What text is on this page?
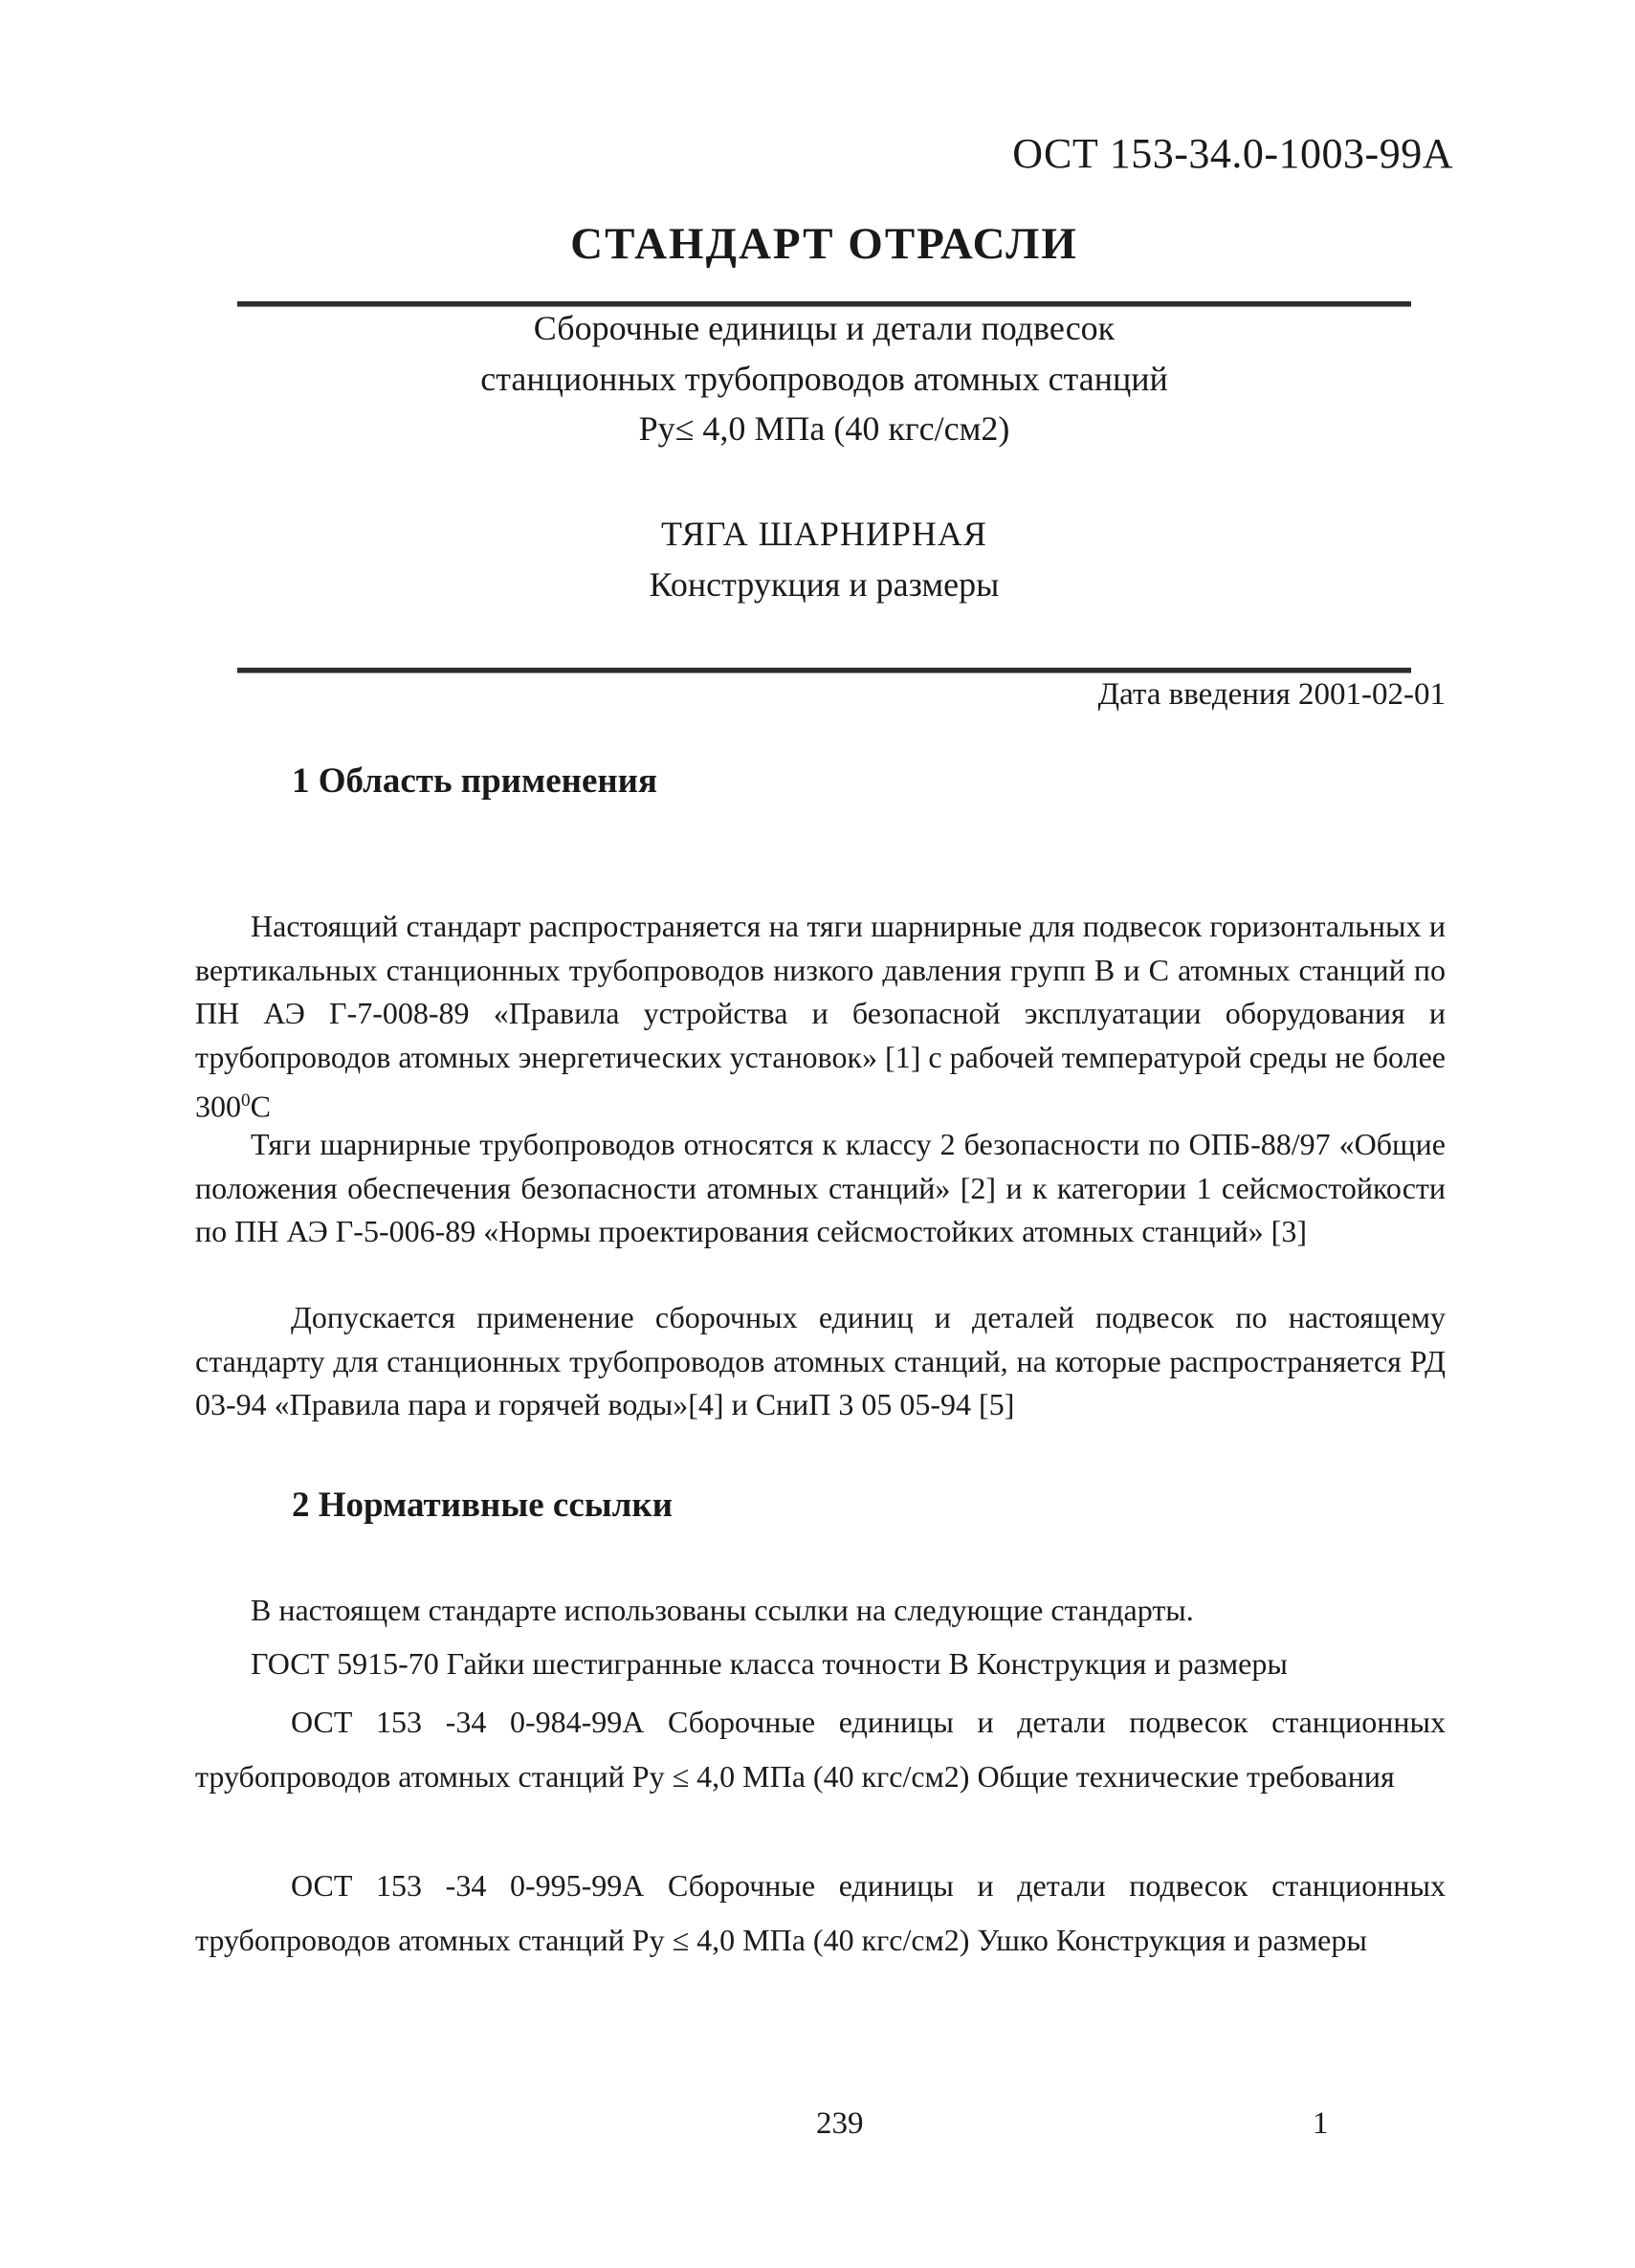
ОСТ 153-34.0-1003-99А
СТАНДАРТ ОТРАСЛИ
Сборочные единицы и детали подвесок
станционных трубопроводов атомных станций
Ру≤ 4,0 МПа (40 кгс/см2)
ТЯГА ШАРНИРНАЯ
Конструкция и размеры
Дата введения 2001-02-01
1 Область применения
Настоящий стандарт распространяется на тяги шарнирные для подвесок горизонтальных и вертикальных станционных трубопроводов низкого давления групп В и С атомных станций по ПН АЭ Г-7-008-89 «Правила устройства и безопасной эксплуатации оборудования и трубопроводов атомных энергетических установок» [1] с рабочей температурой среды не более $300^0С$
Тяги шарнирные трубопроводов относятся к классу 2 безопасности по ОПБ-88/97 «Общие положения обеспечения безопасности атомных станций» [2] и к категории 1 сейсмостойкости по ПН АЭ Г-5-006-89 «Нормы проектирования сейсмостойких атомных станций» [3]
Допускается применение сборочных единиц и деталей подвесок по настоящему стандарту для станционных трубопроводов атомных станций, на которые распространяется РД 03-94 «Правила пара и горячей воды»[4] и СниП 3 05 05-94 [5]
2 Нормативные ссылки
В настоящем стандарте использованы ссылки на следующие стандарты.
ГОСТ 5915-70 Гайки шестигранные класса точности В Конструкция и размеры
ОСТ 153 -34 0-984-99А Сборочные единицы и детали подвесок станционных трубопроводов атомных станций Ру ≤ 4,0 МПа (40 кгс/см2) Общие технические требования
ОСТ 153 -34 0-995-99А Сборочные единицы и детали подвесок станционных трубопроводов атомных станций Ру ≤ 4,0 МПа (40 кгс/см2) Ушко Конструкция и размеры
239	1
